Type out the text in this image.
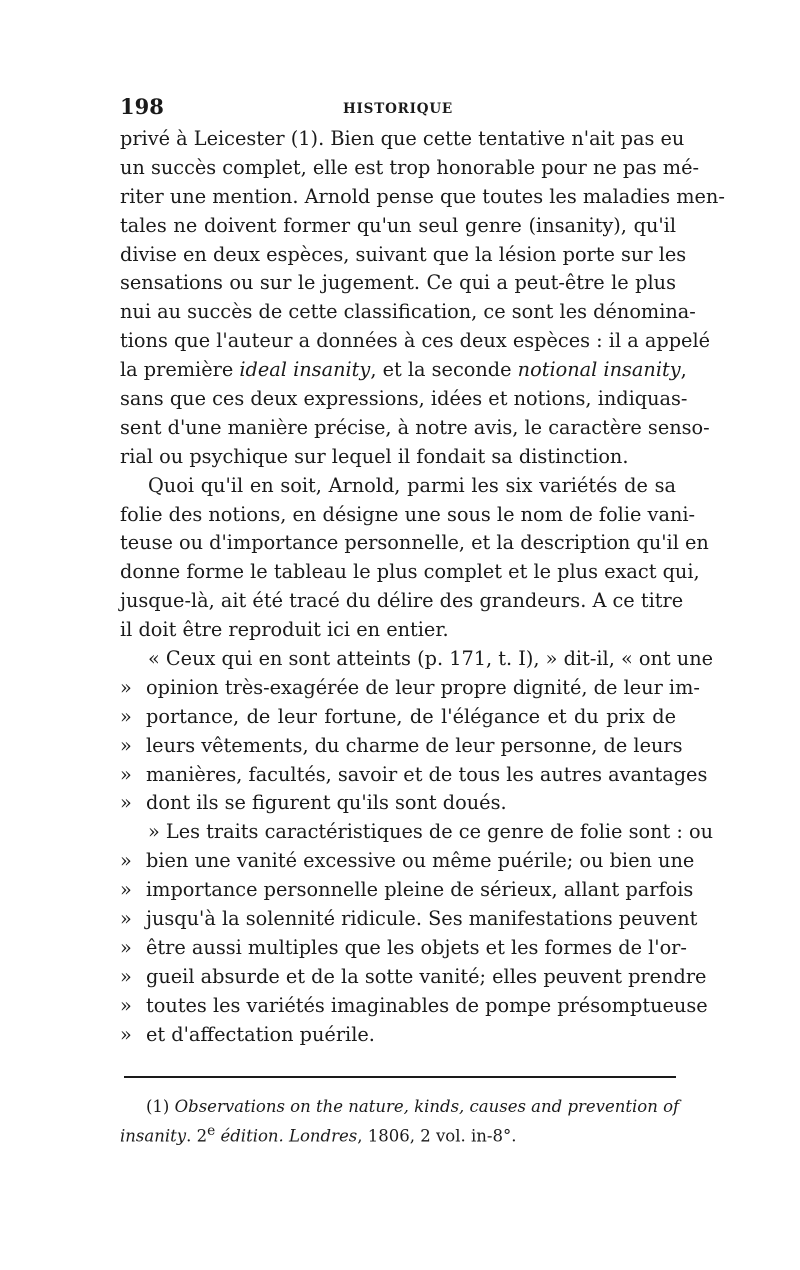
198	HISTORIQUE
privé à Leicester (1). Bien que cette tentative n'ait pas eu
un succès complet, elle est trop honorable pour ne pas mé-
riter une mention. Arnold pense que toutes les maladies men-
tales ne doivent former qu'un seul genre (insanity), qu'il
divise en deux espèces, suivant que la lésion porte sur les
sensations ou sur le jugement. Ce qui a peut-être le plus
nui au succès de cette classification, ce sont les dénomina-
tions que l'auteur a données à ces deux espèces : il a appelé
la première ideal insanity, et la seconde notional insanity,
sans que ces deux expressions, idées et notions, indiquas-
sent d'une manière précise, à notre avis, le caractère senso-
rial ou psychique sur lequel il fondait sa distinction.
Quoi qu'il en soit, Arnold, parmi les six variétés de sa
folie des notions, en désigne une sous le nom de folie vani-
teuse ou d'importance personnelle, et la description qu'il en
donne forme le tableau le plus complet et le plus exact qui,
jusque-là, ait été tracé du délire des grandeurs. A ce titre
il doit être reproduit ici en entier.
« Ceux qui en sont atteints (p. 171, t. I), » dit-il, « ont une
» opinion très-exagérée de leur propre dignité, de leur im-
» portance, de leur fortune, de l'élégance et du prix de
» leurs vêtements, du charme de leur personne, de leurs
» manières, facultés, savoir et de tous les autres avantages
» dont ils se figurent qu'ils sont doués.
» Les traits caractéristiques de ce genre de folie sont : ou
» bien une vanité excessive ou même puérile; ou bien une
» importance personnelle pleine de sérieux, allant parfois
» jusqu'à la solennité ridicule. Ses manifestations peuvent
» être aussi multiples que les objets et les formes de l'or-
» gueil absurde et de la sotte vanité; elles peuvent prendre
» toutes les variétés imaginables de pompe présomptueuse
» et d'affectation puérile.
(1) Observations on the nature, kinds, causes and prevention of
insanity. 2e édition. Londres, 1806, 2 vol. in-8°.
